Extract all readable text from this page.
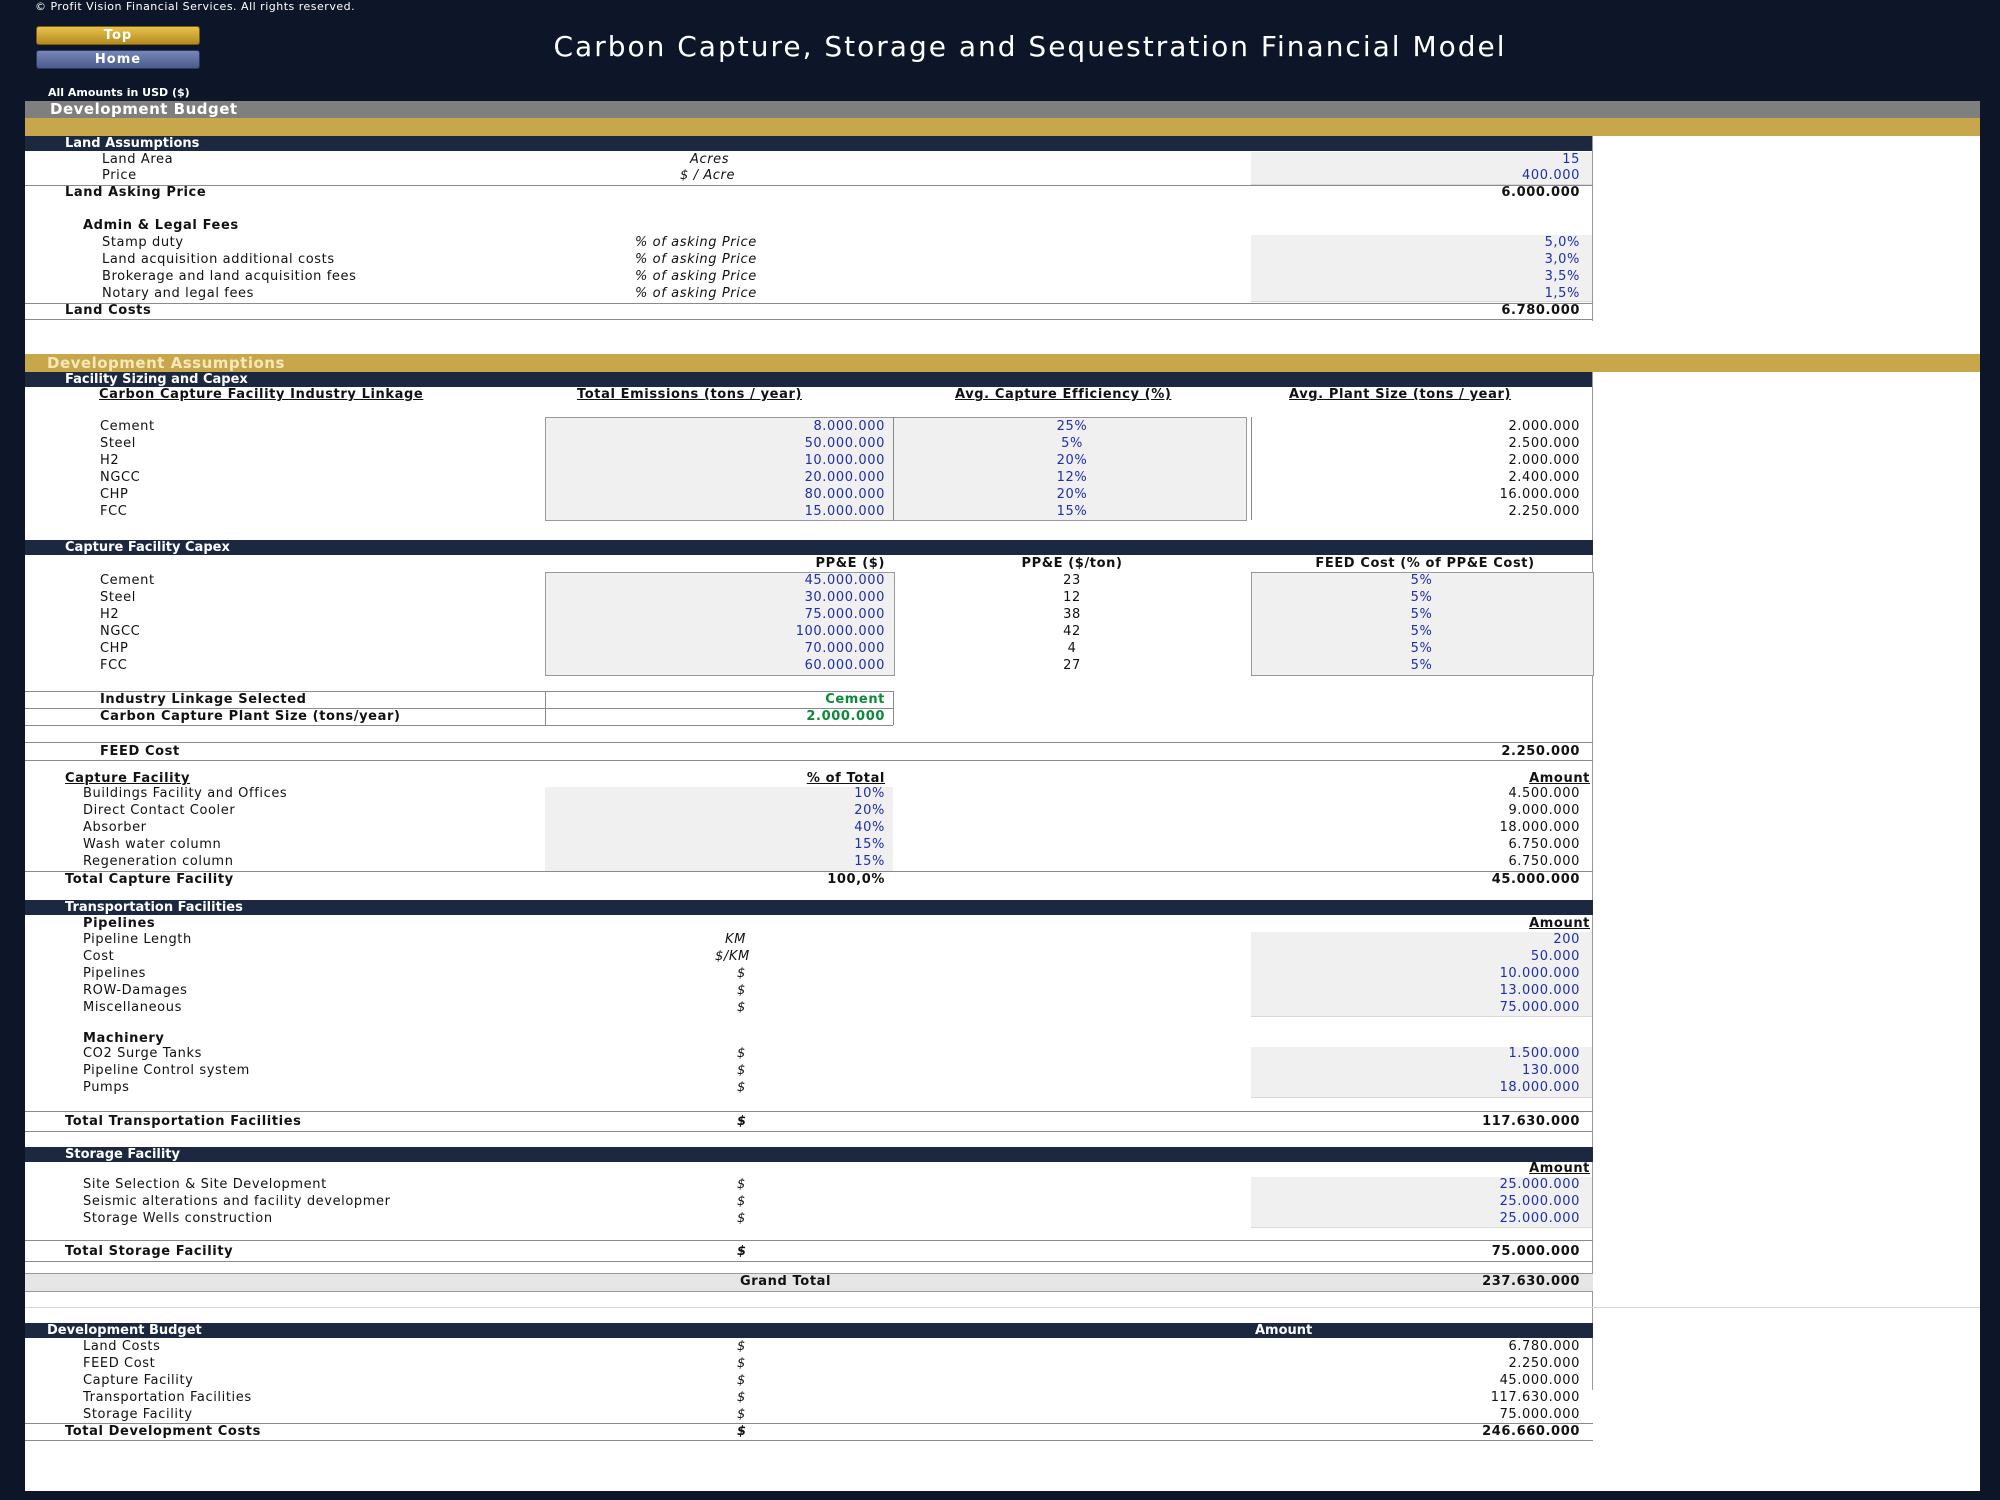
© Profit Vision Financial Services. All rights reserved.
Top
Home	Carbon Capture, Storage and Sequestration Financial Model
All Amounts in USD ($)
Development Budget
Land Assumptions
Land Area	Acres	15
Price	$ / Acre	400.000
Land Asking Price	6.000.000
Admin & Legal Fees
Stamp duty	% of asking Price	5,0%
Land acquisition additional costs	% of asking Price	3,0%
Brokerage and land acquisition fees	% of asking Price	3,5%
Notary and legal fees	% of asking Price	1,5%
Land Costs	6.780.000
Development Assumptions
Facility Sizing and Capex
Carbon Capture Facility Industry Linkage	Total Emissions (tons / year)	Avg. Capture Efficiency (%)	Avg. Plant Size (tons / year)
Cement	8.000.000	25%	2.000.000
Steel	50.000.000	5%	2.500.000
H2	10.000.000	20%	2.000.000
NGCC	20.000.000	12%	2.400.000
CHP	80.000.000	20%	16.000.000
FCC	15.000.000	15%	2.250.000
Capture Facility Capex
PP&E ($)	PP&E ($/ton)	FEED Cost (% of PP&E Cost)
Cement	45.000.000	23	5%
Steel	30.000.000	12	5%
H2	75.000.000	38	5%
NGCC	100.000.000	42	5%
CHP	70.000.000	4	5%
FCC	60.000.000	27	5%
Industry Linkage Selected	Cement
Carbon Capture Plant Size (tons/year)	2.000.000
FEED Cost	2.250.000
Capture Facility	% of Total	Amount
Buildings Facility and Offices	10%	4.500.000
Direct Contact Cooler	20%	9.000.000
Absorber	40%	18.000.000
Wash water column	15%	6.750.000
Regeneration column	15%	6.750.000
Total Capture Facility	100,0%	45.000.000
Transportation Facilities
Pipelines	Amount
Pipeline Length	KM	200
Cost	$/KM	50.000
Pipelines	$	10.000.000
ROW-Damages	$	13.000.000
Miscellaneous	$	75.000.000
Machinery
CO2 Surge Tanks	$	1.500.000
Pipeline Control system	$	130.000
Pumps	$	18.000.000
Total Transportation Facilities	$	117.630.000
Storage Facility
Amount
Site Selection & Site Development	$	25.000.000
Seismic alterations and facility developmer	$	25.000.000
Storage Wells construction	$	25.000.000
Total Storage Facility	$	75.000.000
Grand Total	237.630.000
Development Budget	Amount
Land Costs	$	6.780.000
FEED Cost	$	2.250.000
Capture Facility	$	45.000.000
Transportation Facilities	$	117.630.000
Storage Facility	$	75.000.000
Total Development Costs	$	246.660.000
